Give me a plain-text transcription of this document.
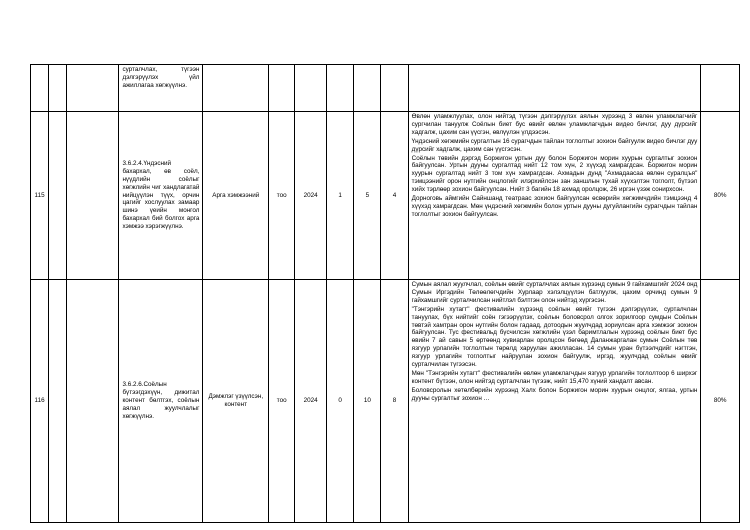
			сурталчлах, түгээн дэлгэрүүлэх үйл ажиллагаа хөгжүүлнэ.								
115			3.6.2.4.Үндэсний бахархал, өв соёл, нүүдлийн соёлыг хөгжлийн чиг хандлагатай нийцүүлэн түүх, орчин цагийг хослуулах замаар шинэ үеийн монгол бахархал бий болгох арга хэмжээ хэрэгжүүлнэ.	Арга хэмжээний	тоо	2024	1	5	4	Өвлөн уламжлуулах, олон нийтэд түгээн дэлгэрүүлэх аялын хүрээнд 3 өвлөн уламжлагчийг сургчилан тануулж Соёлын биет бус өвийг өвлөн уламжлагчдын видео бичлэг, дуу дүрсийг хадгалж, цахим сан үүсгэн, өвлүүлэн үлдээсэн.

Үндэсний хөгжмийн сургалтын 16 сурагчдын тайлан тоглолтыг зохион байгуулж видео бичлэг дуу дүрсийг хадгалж, цахим сан үүсгэсэн.

Соёлын төвийн дэргэд Боржигон уртын дуу болон Боржигон морин хуурын сургалтыг зохион байгуулсан. Уртын дууны сургалтад нийт 12 том хүн, 2 хүүхэд хамрагдсан. Боржигон морин хуурын сургалтад нийт 3 том хүн хамрагдсан. Ахмадын дунд "Ахмадаасаа өвлөн суралцъя" тэмцээнийг орон нутгийн онцлогийг илэрхийлсэн зан заншлын тухай хүүхэлтэн тоглолт, бүтээл хийх тэрлөөр зохион байгуулсан. Нийт 3 багийн 18 ахмад оролцож, 26 иргэн үзэж сонирхсон.

Дорноговь аймгийн Сайншанд театраас зохион байгуулсан өсвөрийн хөгжимчдийн тэмцээнд 4 хүүхэд хамрагдсан. Мөн үндэсний хөгжмийн болон уртын дууны дугуйлангийн сурагчдын тайлан тоглолтыг зохион байгуулсан.	80%
116			3.6.2.6.Соёлын бүтээгдэхүүн, дижитал контент бөлтгэх, соёлын аялал жуулчлалыг хөгжүүлнэ.	Дэмжлэг үзүүлсэн, контент	тоо	2024	0	10	8	Сумын аялал жуулчлал, соёлын өвийг сурталчлах аялын хүрээнд сумын 9 гайхамшгийг 2024 онд Сумын Иргэдийн Төлөөлөгчдийн Хурлаар хэлэлцүүлэн батлуулж, цахим орчинд сумын 9 гайхамшгийг сурталчилсан нийтлэл бэлтгэн олон нийтэд хүргэсэн.

"Тэнгэрийн хутагт" фестивалийн хүрээнд соёлын өвийг түгээн дэлгэрүүлэх, сурталчлан тануулах, бүх нийтийг соён гэгээрүүлэх, соёлын боловсрол олгох зорилгоор сумдын Соёлын төвтэй хамтран орон нутгийн болон гадаад, дотоодын жуулчдад зориулсан арга хэмжээг зохион байгуулсан. Тус фестивальд бүсчилсэн хөгжлийн үзэл баримтлалын хүрээнд соёлын биет бус өвийн 7 ай савын 5 өртөөнд хувиарлан оролцсон бөгөөд Даланжаргалан сумын Соёлын төв язгуур урлагийн тоглолтын төрөлд харуулан ажилласан. 14 сумын уран бүтээлчдийг нэгтгэн, язгуур урлагийн тоглолтыг найруулан зохион байгуулж, иргэд, жуулчдад соёлын өвийг сурталчилан түгээсэн.

Мөн "Тэнгэрийн хутагт" фестивалийн өвлөн уламжлагчдын язгуур урлагийн тоглолтоор 6 ширхэг контент бүтээн, олон нийтэд сурталчлан түгээж, нийт 15,470 хүний хандалт авсан.

Боловсролын хөтөлбөрийн хүрээнд Халх болон Боржигон морин хуурын онцлог, ялгаа, уртын дууны сургалтыг зохион …	80%
